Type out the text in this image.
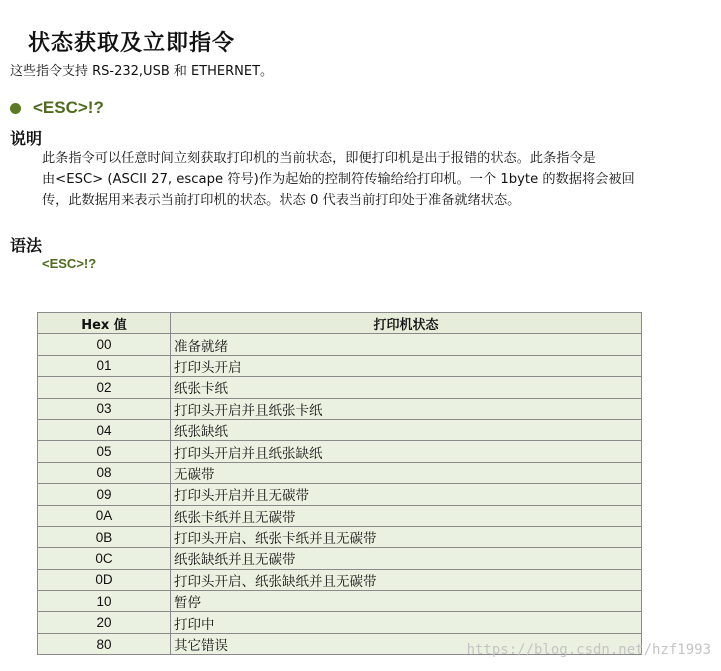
状态获取及立即指令
这些指令支持 RS-232,USB 和 ETHERNET。
<ESC>!?
说明

此条指令可以任意时间立刻获取打印机的当前状态，即便打印机是出于报错的状态。此条指令是

由<ESC> (ASCII 27, escape 符号)作为起始的控制符传输给给打印机。一个 1byte 的数据将会被回

传，此数据用来表示当前打印机的状态。状态 0 代表当前打印处于准备就绪状态。

语法
<ESC>!?
Hex 值	打印机状态
00	准备就绪
01	打印头开启
02	纸张卡纸
03	打印头开启并且纸张卡纸
04	纸张缺纸
05	打印头开启并且纸张缺纸
08	无碳带
09	打印头开启并且无碳带
0A	纸张卡纸并且无碳带
0B	打印头开启、纸张卡纸并且无碳带
0C	纸张缺纸并且无碳带
0D	打印头开启、纸张缺纸并且无碳带
10	暂停
20	打印中
80	其它错误	https://blog.csdn.net/hzf1993
